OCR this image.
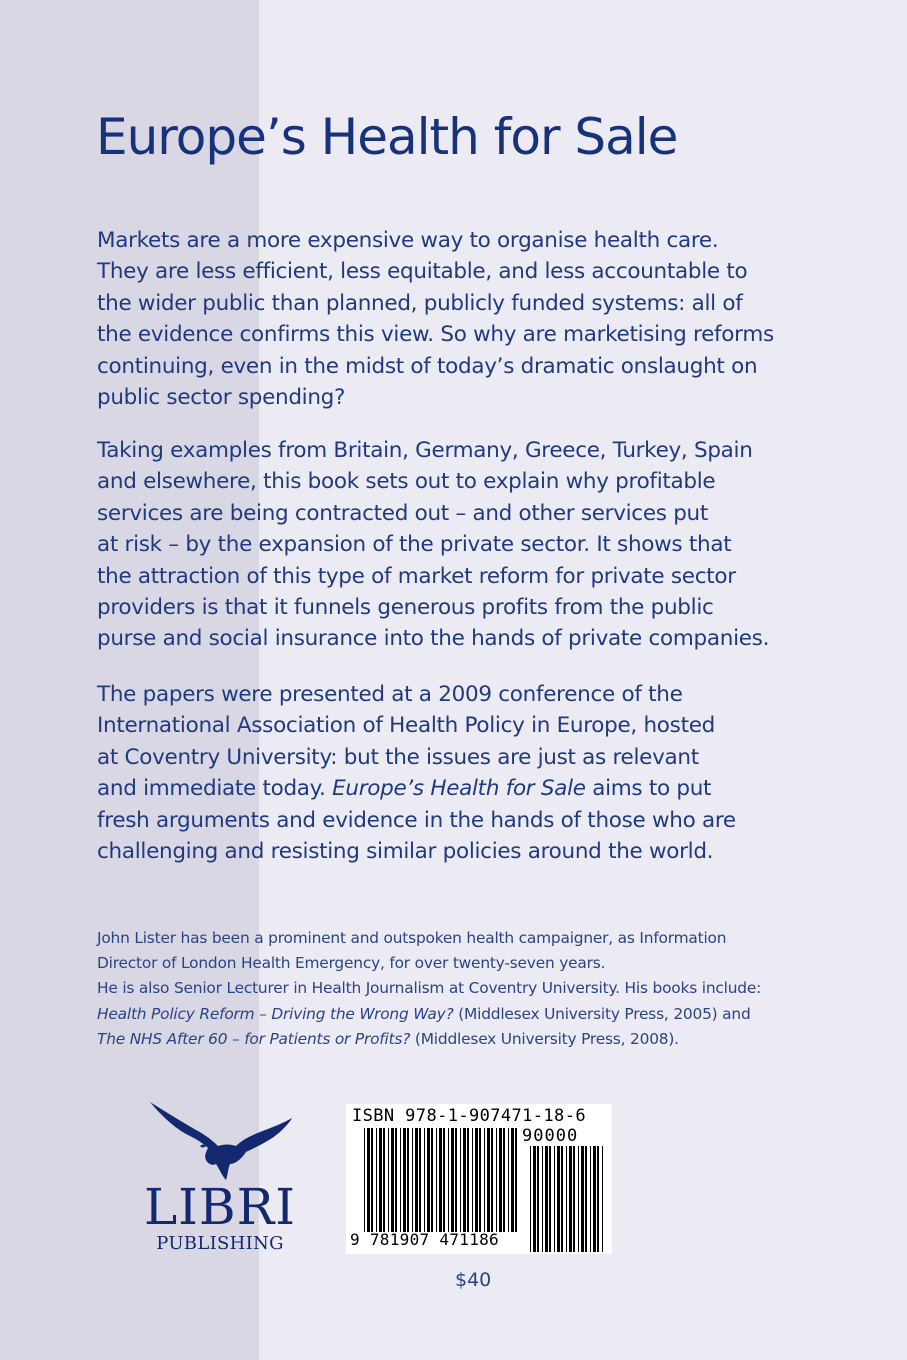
Europe’s Health for Sale

Markets are a more expensive way to organise health care.
They are less efficient, less equitable, and less accountable to
the wider public than planned, publicly funded systems: all of
the evidence confirms this view. So why are marketising reforms
continuing, even in the midst of today’s dramatic onslaught on
public sector spending?

Taking examples from Britain, Germany, Greece, Turkey, Spain
and elsewhere, this book sets out to explain why profitable
services are being contracted out – and other services put
at risk – by the expansion of the private sector. It shows that
the attraction of this type of market reform for private sector
providers is that it funnels generous profits from the public
purse and social insurance into the hands of private companies.

The papers were presented at a 2009 conference of the
International Association of Health Policy in Europe, hosted
at Coventry University: but the issues are just as relevant
and immediate today. Europe’s Health for Sale aims to put
fresh arguments and evidence in the hands of those who are
challenging and resisting similar policies around the world.

John Lister has been a prominent and outspoken health campaigner, as Information
Director of London Health Emergency, for over twenty-seven years.
He is also Senior Lecturer in Health Journalism at Coventry University. His books include:
Health Policy Reform – Driving the Wrong Way? (Middlesex University Press, 2005) and
The NHS After 60 – for Patients or Profits? (Middlesex University Press, 2008).
LIBRI
PUBLISHING
ISBN 978-1-907471-18-6
90000
9 781907 471186
$40
